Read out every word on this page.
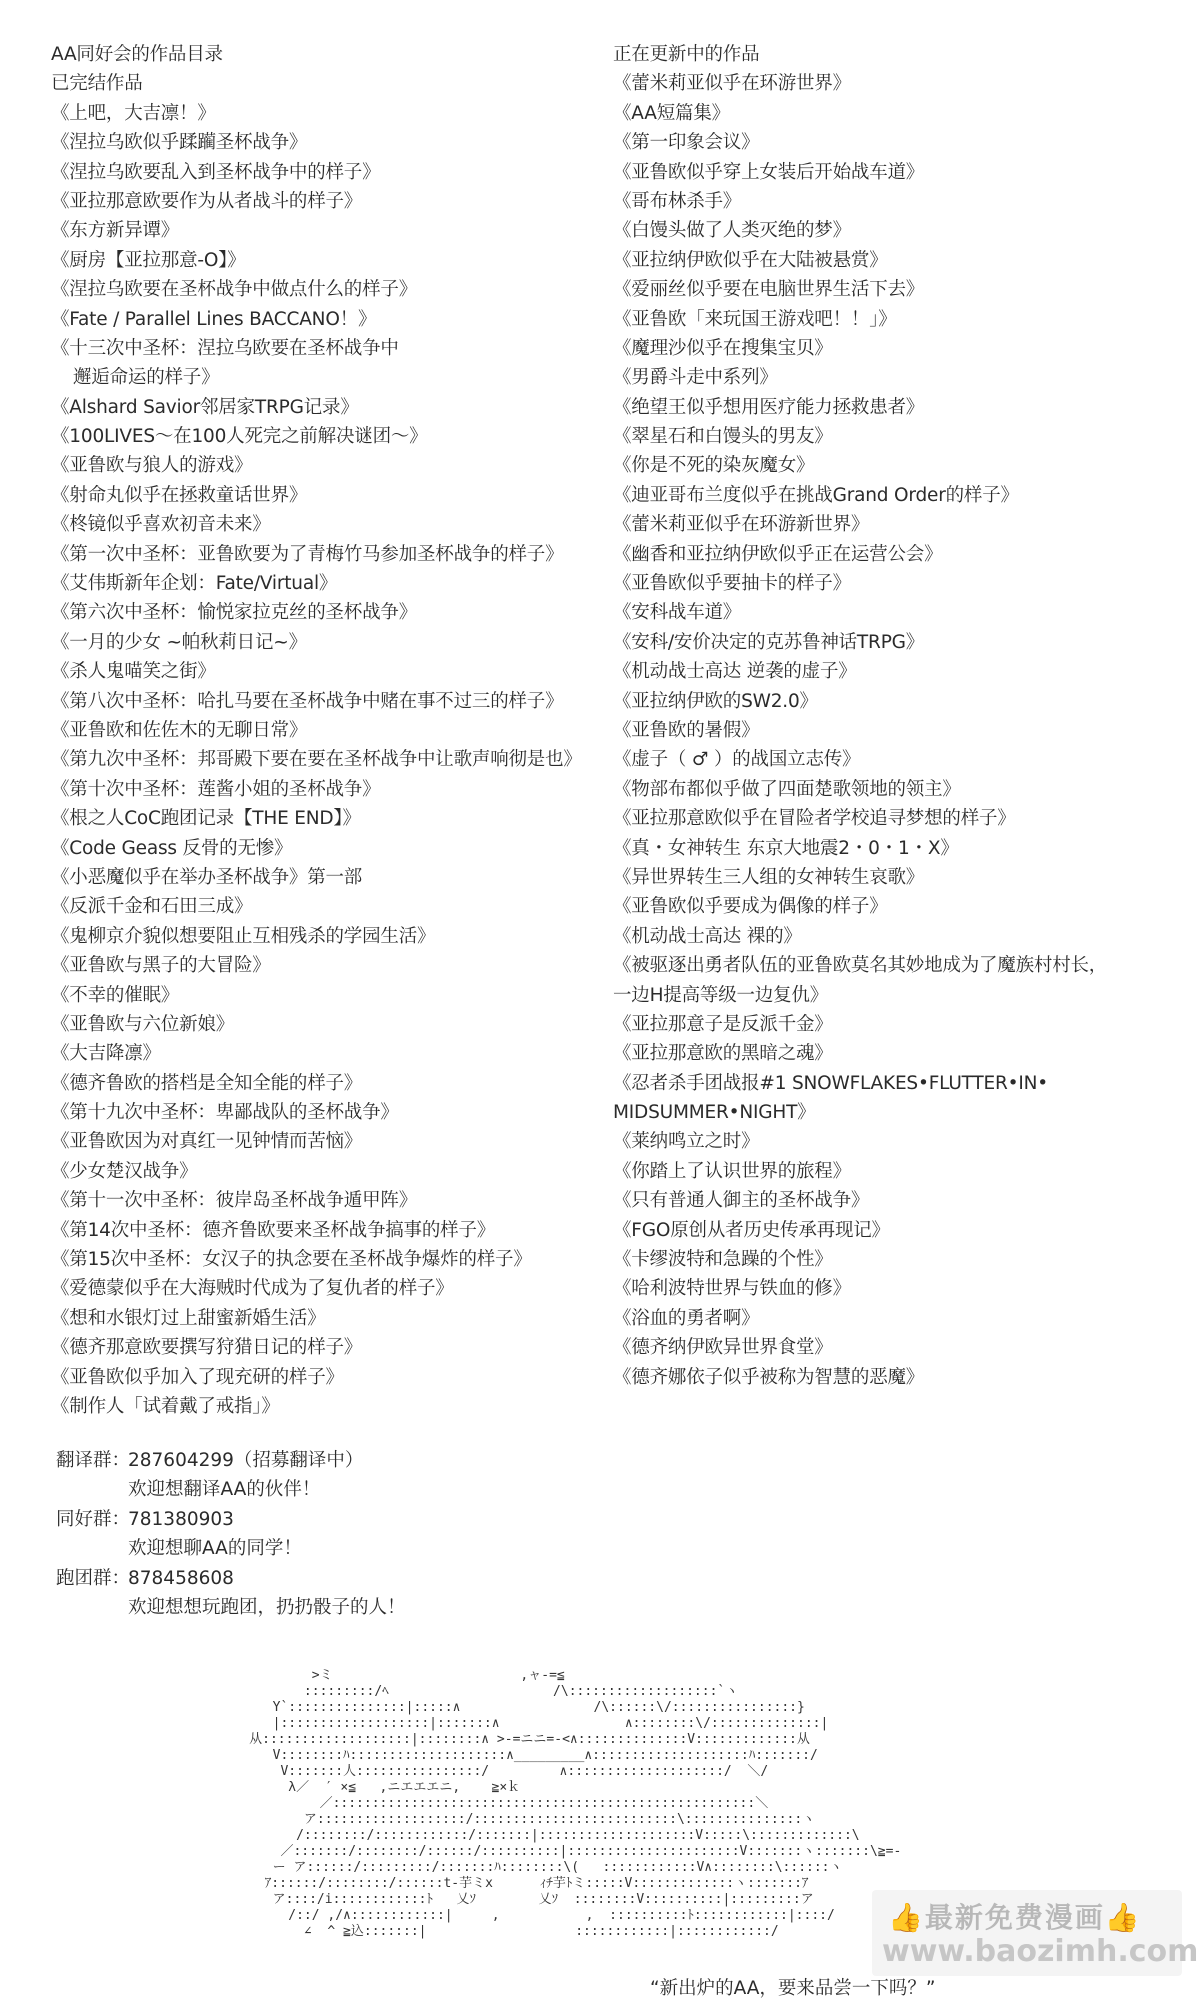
AA同好会的作品目录
已完结作品
《上吧，大吉凛！》
《涅拉乌欧似乎蹂躏圣杯战争》
《涅拉乌欧要乱入到圣杯战争中的样子》
《亚拉那意欧要作为从者战斗的样子》
《东方新异谭》
《厨房【亚拉那意-O】》
《涅拉乌欧要在圣杯战争中做点什么的样子》
《Fate / Parallel Lines BACCANO！》
《十三次中圣杯：涅拉乌欧要在圣杯战争中
邂逅命运的样子》
《Alshard Savior邻居家TRPG记录》
《100LIVES～在100人死完之前解决谜团～》
《亚鲁欧与狼人的游戏》
《射命丸似乎在拯救童话世界》
《柊镜似乎喜欢初音未来》
《第一次中圣杯：亚鲁欧要为了青梅竹马参加圣杯战争的样子》
《艾伟斯新年企划：Fate/Virtual》
《第六次中圣杯：愉悦家拉克丝的圣杯战争》
《一月的少女 ~帕秋莉日记~》
《杀人鬼喵笑之街》
《第八次中圣杯：哈扎马要在圣杯战争中赌在事不过三的样子》
《亚鲁欧和佐佐木的无聊日常》
《第九次中圣杯：邦哥殿下要在要在圣杯战争中让歌声响彻是也》
《第十次中圣杯：莲酱小姐的圣杯战争》
《根之人CoC跑团记录【THE END】》
《Code Geass 反骨的无惨》
《小恶魔似乎在举办圣杯战争》第一部
《反派千金和石田三成》
《鬼柳京介貌似想要阻止互相残杀的学园生活》
《亚鲁欧与黑子的大冒险》
《不幸的催眠》
《亚鲁欧与六位新娘》
《大吉降凛》
《德齐鲁欧的搭档是全知全能的样子》
《第十九次中圣杯：卑鄙战队的圣杯战争》
《亚鲁欧因为对真红一见钟情而苦恼》
《少女楚汉战争》
《第十一次中圣杯：彼岸岛圣杯战争遁甲阵》
《第14次中圣杯：德齐鲁欧要来圣杯战争搞事的样子》
《第15次中圣杯：女汉子的执念要在圣杯战争爆炸的样子》
《爱德蒙似乎在大海贼时代成为了复仇者的样子》
《想和水银灯过上甜蜜新婚生活》
《德齐那意欧要撰写狩猎日记的样子》
《亚鲁欧似乎加入了现充研的样子》
《制作人「试着戴了戒指」》
正在更新中的作品
《蕾米莉亚似乎在环游世界》
《AA短篇集》
《第一印象会议》
《亚鲁欧似乎穿上女装后开始战车道》
《哥布林杀手》
《白馒头做了人类灭绝的梦》
《亚拉纳伊欧似乎在大陆被悬赏》
《爱丽丝似乎要在电脑世界生活下去》
《亚鲁欧「来玩国王游戏吧！！」》
《魔理沙似乎在搜集宝贝》
《男爵斗走中系列》
《绝望王似乎想用医疗能力拯救患者》
《翠星石和白馒头的男友》
《你是不死的染灰魔女》
《迪亚哥布兰度似乎在挑战Grand Order的样子》
《蕾米莉亚似乎在环游新世界》
《幽香和亚拉纳伊欧似乎正在运营公会》
《亚鲁欧似乎要抽卡的样子》
《安科战车道》
《安科/安价决定的克苏鲁神话TRPG》
《机动战士高达 逆袭的虚子》
《亚拉纳伊欧的SW2.0》
《亚鲁欧的暑假》
《虚子（ ♂ ）的战国立志传》
《物部布都似乎做了四面楚歌领地的领主》
《亚拉那意欧似乎在冒险者学校追寻梦想的样子》
《真・女神转生 东京大地震2・0・1・X》
《异世界转生三人组的女神转生哀歌》
《亚鲁欧似乎要成为偶像的样子》
《机动战士高达 裸的》
《被驱逐出勇者队伍的亚鲁欧莫名其妙地成为了魔族村村长，
一边H提高等级一边复仇》
《亚拉那意子是反派千金》
《亚拉那意欧的黑暗之魂》
《忍者杀手团战报#1 SNOWFLAKES•FLUTTER•IN•
MIDSUMMER•NIGHT》
《莱纳鸣立之时》
《你踏上了认识世界的旅程》
《只有普通人御主的圣杯战争》
《FGO原创从者历史传承再现记》
《卡缪波特和急躁的个性》
《哈利波特世界与铁血的修》
《浴血的勇者啊》
《德齐纳伊欧异世界食堂》
《德齐娜依子似乎被称为智慧的恶魔》
翻译群：287604299（招募翻译中）
欢迎想翻译AA的伙伴！
同好群：781380903
欢迎想聊AA的同学！
跑团群：878458608
欢迎想想玩跑团，扔扔骰子的人！
>ミ                        ,ャ-=≦
:::::::::/ﾍ                     /\:::::::::::::::::::`ヽ
Y`:::::::::::::::|:::::∧                 /\::::::\/::::::::::::::::}
|:::::::::::::::::::|:::::::∧                ∧::::::::\/::::::::::::::|
从:::::::::::::::::::|::::::::∧ >-=ニニ=-<∧::::::::::::::V:::::::::::::从
V::::::::ﾊ::::::::::::::::::::∧_________∧::::::::::::::::::::ﾊ:::::::/
V:::::::人::::::::::::::::/         ∧::::::::::::::::::::/  ＼/
λ／  ′ ×≦   ,ニエエエニ,    ≧×ｋ
／::::::::::::::::::::::::::::::::::::::::::::::::::::::＼
ア:::::::::::::::::::/::::::::::::::::::::::::::\:::::::::::::::ヽ
/::::::::/::::::::::::/:::::::|::::::::::::::::::::V:::::\:::::::::::::\
／:::::::/::::::::/::::::/::::::::::|::::::::::::::::::::::V:::::::ヽ:::::::\≧=-
ー ア::::::/:::::::::/:::::::ﾊ::::::::\(   ::::::::::::V∧::::::::\::::::ヽ
ｱ::::::/::::::::/::::::t-芋ミx      ｨﾁ芋ﾄミ:::::V:::::::::::::ヽ:::::::ｱ
ア::::/i::::::::::::ﾄ   乂ｿ        乂ｿ  ::::::::V::::::::::|:::::::::ア
/::/ ,/∧::::::::::::|     ,           ,  ::::::::::ﾄ::::::::::::|::::/
∠  ^ ≧込:::::::|                   ::::::::::::|::::::::::::/	👍最新免费漫画👍
www.baozimh.com
“新出炉的AA，要来品尝一下吗？”
